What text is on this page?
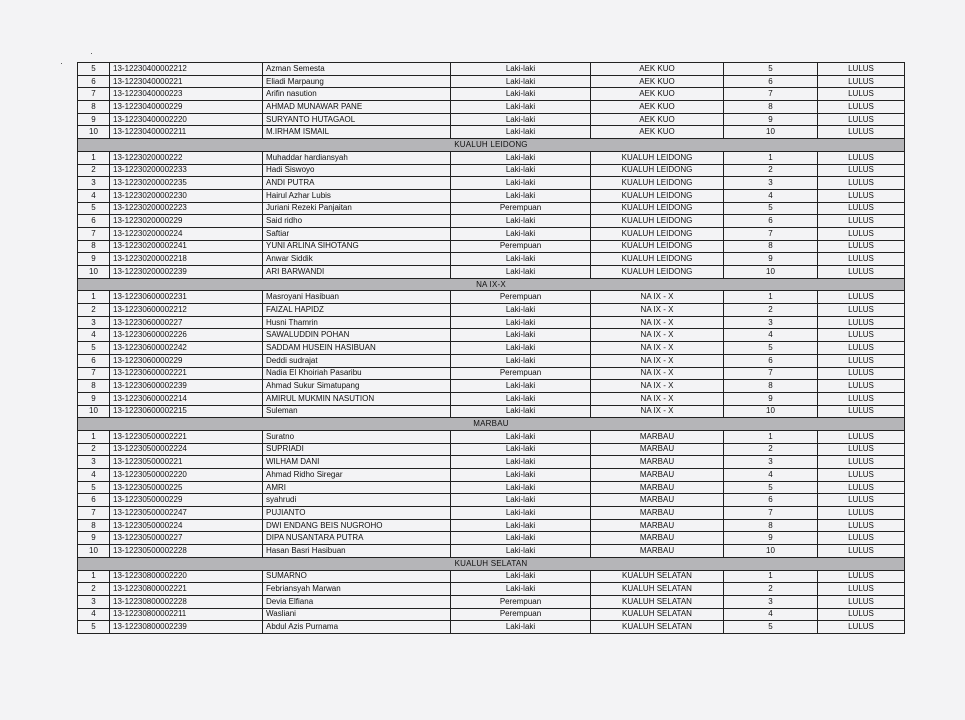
·
·
5	13-12230400002212	Azman Semesta	Laki-laki	AEK KUO	5	LULUS
6	13-1223040000221	Eliadi Marpaung	Laki-laki	AEK KUO	6	LULUS
7	13-1223040000223	Arifin nasution	Laki-laki	AEK KUO	7	LULUS
8	13-1223040000229	AHMAD MUNAWAR PANE	Laki-laki	AEK KUO	8	LULUS
9	13-12230400002220	SURYANTO HUTAGAOL	Laki-laki	AEK KUO	9	LULUS
10	13-12230400002211	M.IRHAM ISMAIL	Laki-laki	AEK KUO	10	LULUS
KUALUH LEIDONG						
1	13-1223020000222	Muhaddar hardiansyah	Laki-laki	KUALUH LEIDONG	1	LULUS
2	13-12230200002233	Hadi Siswoyo	Laki-laki	KUALUH LEIDONG	2	LULUS
3	13-12230200002235	ANDI PUTRA	Laki-laki	KUALUH LEIDONG	3	LULUS
4	13-12230200002230	Hairul Azhar Lubis	Laki-laki	KUALUH LEIDONG	4	LULUS
5	13-12230200002223	Juriani Rezeki Panjaitan	Perempuan	KUALUH LEIDONG	5	LULUS
6	13-1223020000229	Said ridho	Laki-laki	KUALUH LEIDONG	6	LULUS
7	13-1223020000224	Saftiar	Laki-laki	KUALUH LEIDONG	7	LULUS
8	13-12230200002241	YUNI ARLINA SIHOTANG	Perempuan	KUALUH LEIDONG	8	LULUS
9	13-12230200002218	Anwar Siddik	Laki-laki	KUALUH LEIDONG	9	LULUS
10	13-12230200002239	ARI BARWANDI	Laki-laki	KUALUH LEIDONG	10	LULUS
NA IX-X						
1	13-12230600002231	Masroyani Hasibuan	Perempuan	NA IX - X	1	LULUS
2	13-12230600002212	FAIZAL HAPIDZ	Laki-laki	NA IX - X	2	LULUS
3	13-1223060000227	Husni Thamrin	Laki-laki	NA IX - X	3	LULUS
4	13-12230600002226	SAWALUDDIN POHAN	Laki-laki	NA IX - X	4	LULUS
5	13-12230600002242	SADDAM HUSEIN HASIBUAN	Laki-laki	NA IX - X	5	LULUS
6	13-1223060000229	Deddi sudrajat	Laki-laki	NA IX - X	6	LULUS
7	13-12230600002221	Nadia El Khoiriah Pasaribu	Perempuan	NA IX - X	7	LULUS
8	13-12230600002239	Ahmad Sukur Simatupang	Laki-laki	NA IX - X	8	LULUS
9	13-12230600002214	AMIRUL MUKMIN NASUTION	Laki-laki	NA IX - X	9	LULUS
10	13-12230600002215	Suleman	Laki-laki	NA IX - X	10	LULUS
MARBAU						
1	13-12230500002221	Suratno	Laki-laki	MARBAU	1	LULUS
2	13-12230500002224	SUPRIADI	Laki-laki	MARBAU	2	LULUS
3	13-1223050000221	WILHAM DANI	Laki-laki	MARBAU	3	LULUS
4	13-12230500002220	Ahmad Ridho Siregar	Laki-laki	MARBAU	4	LULUS
5	13-1223050000225	AMRI	Laki-laki	MARBAU	5	LULUS
6	13-1223050000229	syahrudi	Laki-laki	MARBAU	6	LULUS
7	13-12230500002247	PUJIANTO	Laki-laki	MARBAU	7	LULUS
8	13-1223050000224	DWI ENDANG BEIS NUGROHO	Laki-laki	MARBAU	8	LULUS
9	13-1223050000227	DIPA NUSANTARA PUTRA	Laki-laki	MARBAU	9	LULUS
10	13-12230500002228	Hasan Basri Hasibuan	Laki-laki	MARBAU	10	LULUS
KUALUH SELATAN						
1	13-12230800002220	SUMARNO	Laki-laki	KUALUH SELATAN	1	LULUS
2	13-12230800002221	Febriansyah Marwan	Laki-laki	KUALUH SELATAN	2	LULUS
3	13-12230800002228	Devia Elfiana	Perempuan	KUALUH SELATAN	3	LULUS
4	13-12230800002211	Wasliani	Perempuan	KUALUH SELATAN	4	LULUS
5	13-12230800002239	Abdul Azis Purnama	Laki-laki	KUALUH SELATAN	5	LULUS
